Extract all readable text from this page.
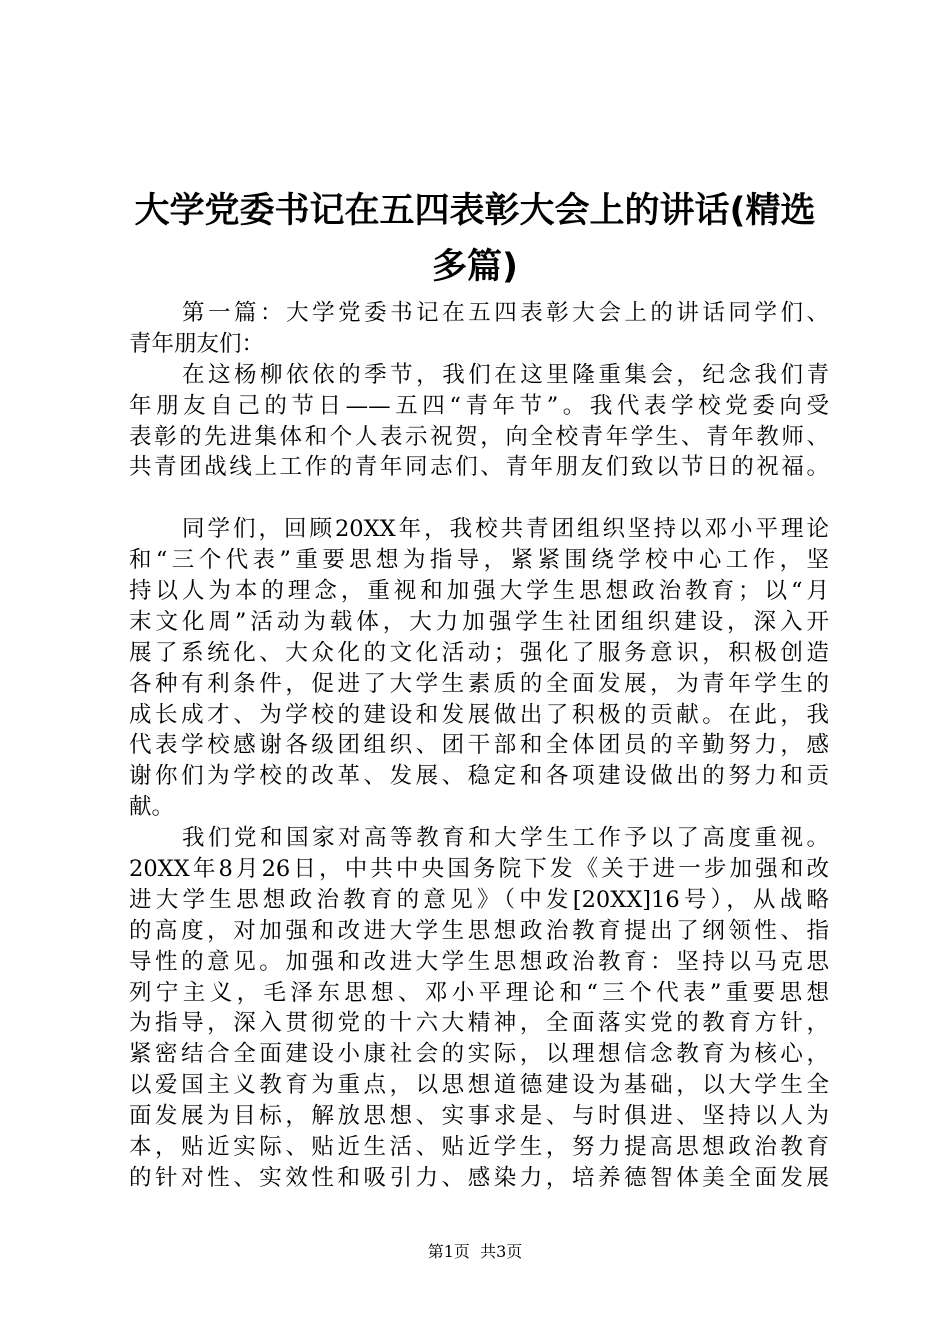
大学党委书记在五四表彰大会上的讲话(精选
多篇)
第一篇：大学党委书记在五四表彰大会上的讲话同学们、
青年朋友们：
在这杨柳依依的季节，我们在这里隆重集会，纪念我们青
年朋友自己的节日——五四“青年节”。我代表学校党委向受
表彰的先进集体和个人表示祝贺，向全校青年学生、青年教师、
共青团战线上工作的青年同志们、青年朋友们致以节日的祝福。
同学们，回顾20XX年，我校共青团组织坚持以邓小平理论
和“三个代表”重要思想为指导，紧紧围绕学校中心工作，坚
持以人为本的理念，重视和加强大学生思想政治教育；以“月
末文化周”活动为载体，大力加强学生社团组织建设，深入开
展了系统化、大众化的文化活动；强化了服务意识，积极创造
各种有利条件，促进了大学生素质的全面发展，为青年学生的
成长成才、为学校的建设和发展做出了积极的贡献。在此，我
代表学校感谢各级团组织、团干部和全体团员的辛勤努力，感
谢你们为学校的改革、发展、稳定和各项建设做出的努力和贡
献。
我们党和国家对高等教育和大学生工作予以了高度重视。
20XX年8月26日，中共中央国务院下发《关于进一步加强和改
进大学生思想政治教育的意见》（中发[20XX]16号），从战略
的高度，对加强和改进大学生思想政治教育提出了纲领性、指
导性的意见。加强和改进大学生思想政治教育：坚持以马克思
列宁主义，毛泽东思想、邓小平理论和“三个代表”重要思想
为指导，深入贯彻党的十六大精神，全面落实党的教育方针，
紧密结合全面建设小康社会的实际，以理想信念教育为核心，
以爱国主义教育为重点，以思想道德建设为基础，以大学生全
面发展为目标，解放思想、实事求是、与时俱进、坚持以人为
本，贴近实际、贴近生活、贴近学生，努力提高思想政治教育
的针对性、实效性和吸引力、感染力，培养德智体美全面发展
第1页  共3页
